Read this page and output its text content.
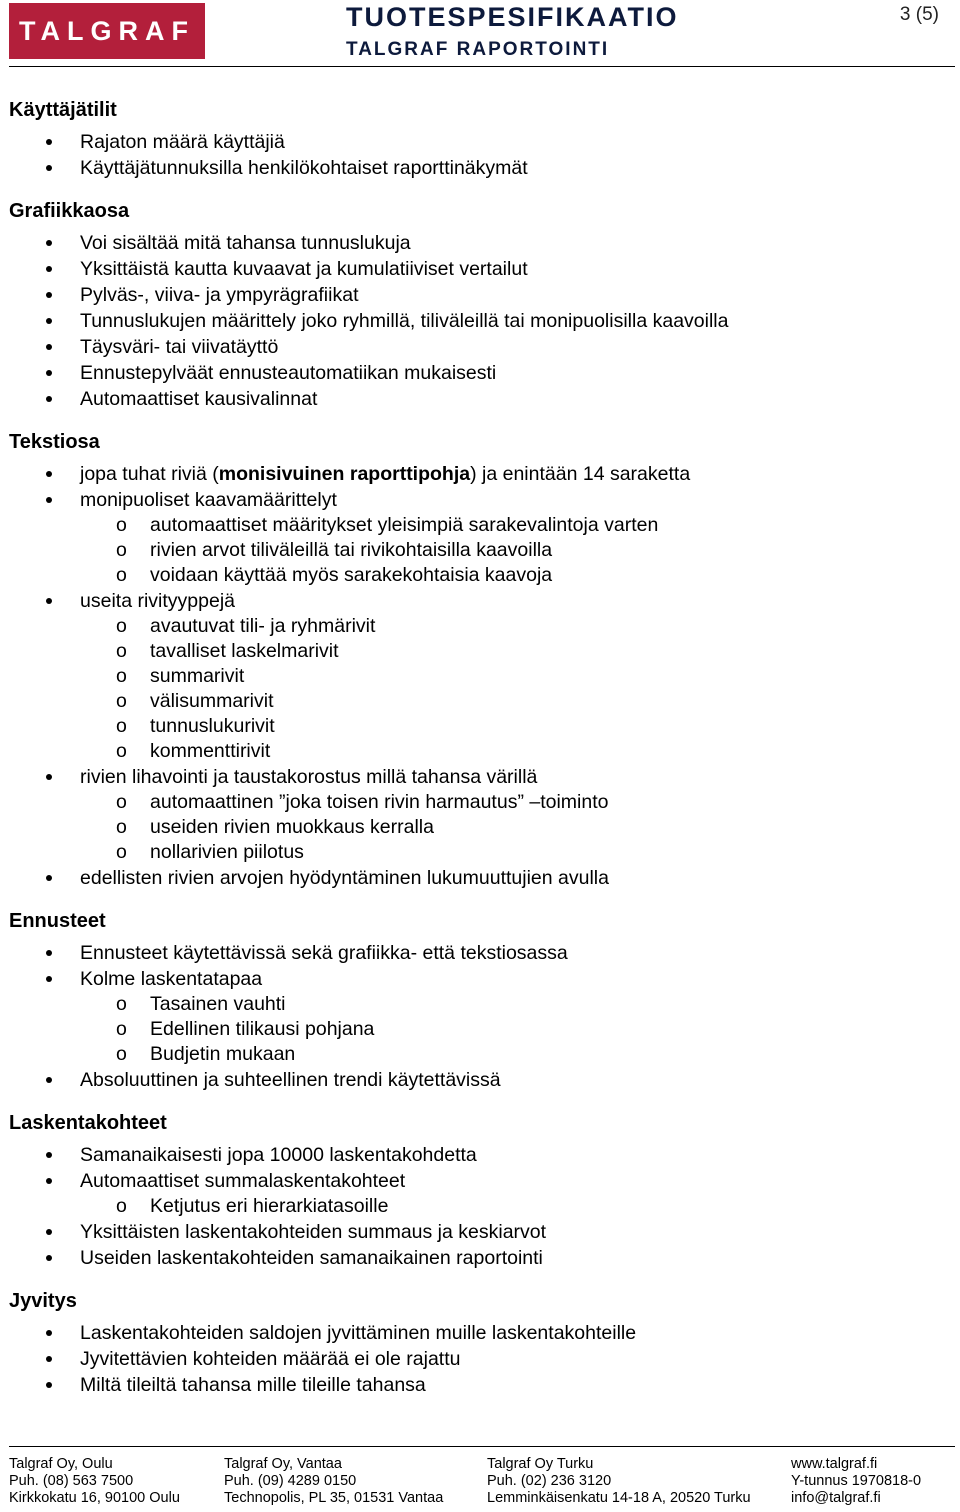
TALGRAF	TUOTESPESIFIKAATIO
TALGRAF RAPORTOINTI
3 (5)
Käyttäjätilit
Rajaton määrä käyttäjiä
Käyttäjätunnuksilla henkilökohtaiset raporttinäkymät
Grafiikkaosa
Voi sisältää mitä tahansa tunnuslukuja
Yksittäistä kautta kuvaavat ja kumulatiiviset vertailut
Pylväs-, viiva- ja ympyrägrafiikat
Tunnuslukujen määrittely joko ryhmillä, tiliväleillä tai monipuolisilla kaavoilla
Täysväri- tai viivatäyttö
Ennustepylväät ennusteautomatiikan mukaisesti
Automaattiset kausivalinnat
Tekstiosa
jopa tuhat riviä (monisivuinen raporttipohja) ja enintään 14 saraketta
monipuoliset kaavamäärittelyt
o automaattiset määritykset yleisimpiä sarakevalintoja varten
o rivien arvot tiliväleillä tai rivikohtaisilla kaavoilla
o voidaan käyttää myös sarakekohtaisia kaavoja
useita rivityyppejä
o avautuvat tili- ja ryhmärivit
o tavalliset laskelmarivit
o summarivit
o välisummarivit
o tunnuslukurivit
o kommenttirivit
rivien lihavointi ja taustakorostus millä tahansa värillä
o automaattinen ”joka toisen rivin harmautus” –toiminto
o useiden rivien muokkaus kerralla
o nollarivien piilotus
edellisten rivien arvojen hyödyntäminen lukumuuttujien avulla
Ennusteet
Ennusteet käytettävissä sekä grafiikka- että tekstiosassa
Kolme laskentatapaa
o Tasainen vauhti
o Edellinen tilikausi pohjana
o Budjetin mukaan
Absoluuttinen ja suhteellinen trendi käytettävissä
Laskentakohteet
Samanaikaisesti jopa 10000 laskentakohdetta
Automaattiset summalaskentakohteet
o Ketjutus eri hierarkiatasoille
Yksittäisten laskentakohteiden summaus ja keskiarvot
Useiden laskentakohteiden samanaikainen raportointi
Jyvitys
Laskentakohteiden saldojen jyvittäminen muille laskentakohteille
Jyvitettävien kohteiden määrää ei ole rajattu
Miltä tileiltä tahansa mille tileille tahansa
Talgraf Oy, Oulu
Puh. (08) 563 7500
Kirkkokatu 16, 90100 Oulu
Talgraf Oy, Vantaa
Puh. (09) 4289 0150
Technopolis, PL 35, 01531 Vantaa
Talgraf Oy Turku
Puh. (02) 236 3120
Lemminkäisenkatu 14-18 A, 20520 Turku
www.talgraf.fi
Y-tunnus 1970818-0
info@talgraf.fi
